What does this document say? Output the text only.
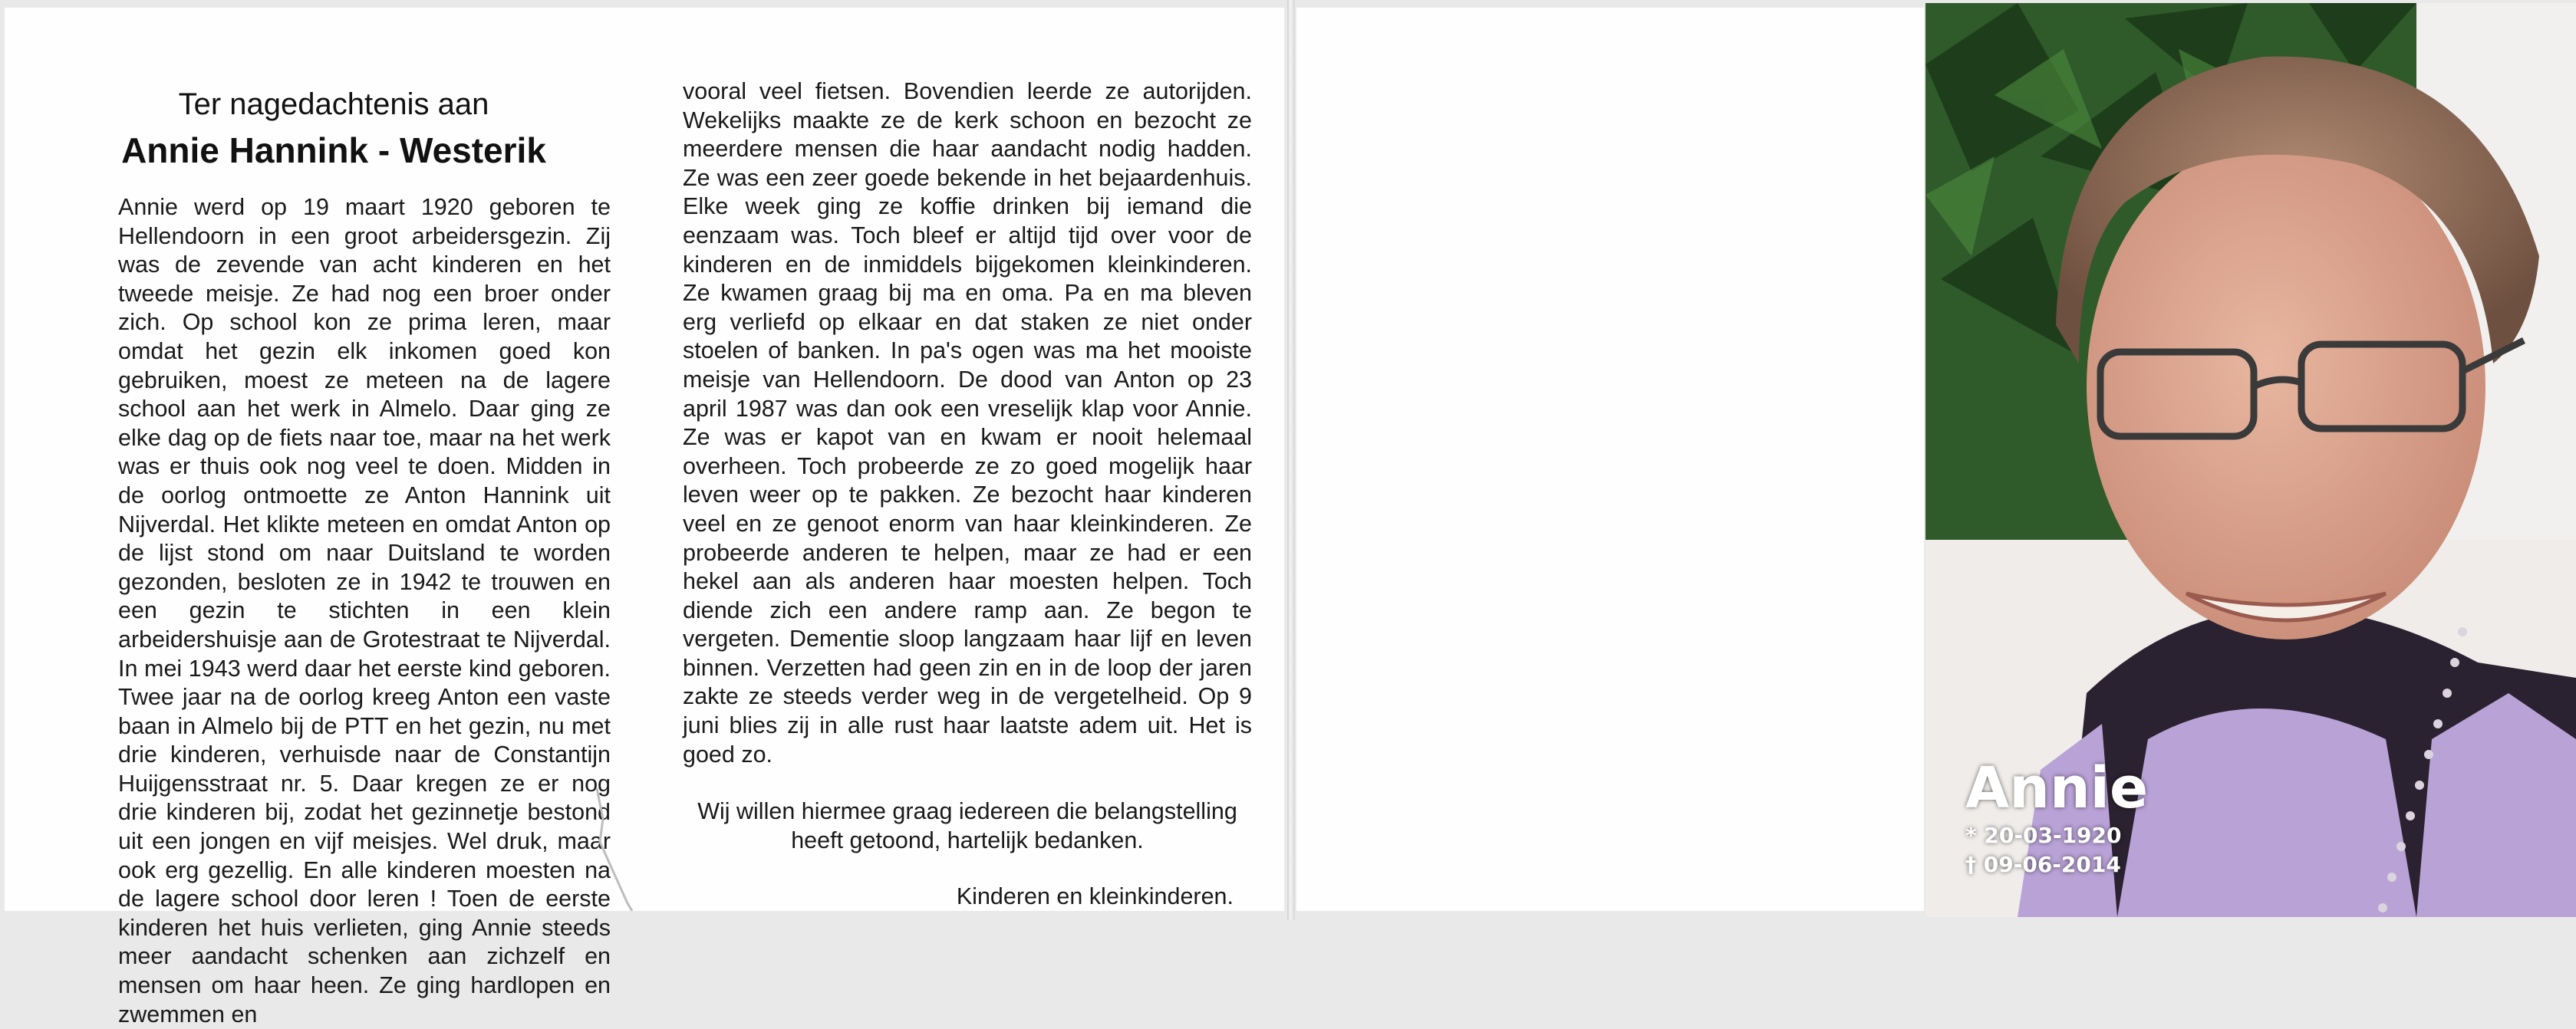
Ter nagedachtenis aan
Annie Hannink - Westerik
Annie werd op 19 maart 1920 geboren te Hellendoorn in een groot arbeidersgezin. Zij was de zevende van acht kinderen en het tweede meisje. Ze had nog een broer onder zich. Op school kon ze prima leren, maar omdat het gezin elk inkomen goed kon gebruiken, moest ze meteen na de lagere school aan het werk in Almelo. Daar ging ze elke dag op de fiets naar toe, maar na het werk was er thuis ook nog veel te doen. Midden in de oorlog ontmoette ze Anton Hannink uit Nijverdal. Het klikte meteen en omdat Anton op de lijst stond om naar Duitsland te worden gezonden, besloten ze in 1942 te trouwen en een gezin te stichten in een klein arbeidershuisje aan de Grotestraat te Nijverdal. In mei 1943 werd daar het eerste kind geboren. Twee jaar na de oorlog kreeg Anton een vaste baan in Almelo bij de PTT en het gezin, nu met drie kinderen, verhuisde naar de Constantijn Huijgensstraat nr. 5. Daar kregen ze er nog drie kinderen bij, zodat het gezinnetje bestond uit een jongen en vijf meisjes. Wel druk, maar ook erg gezellig. En alle kinderen moesten na de lagere school door leren ! Toen de eerste kinderen het huis verlieten, ging Annie steeds meer aandacht schenken aan zichzelf en mensen om haar heen. Ze ging hardlopen en zwemmen en
vooral veel fietsen. Bovendien leerde ze autorijden. Wekelijks maakte ze de kerk schoon en bezocht ze meerdere mensen die haar aandacht nodig hadden. Ze was een zeer goede bekende in het bejaardenhuis. Elke week ging ze koffie drinken bij iemand die eenzaam was. Toch bleef er altijd tijd over voor de kinderen en de inmiddels bijgekomen kleinkinderen. Ze kwamen graag bij ma en oma. Pa en ma bleven erg verliefd op elkaar en dat staken ze niet onder stoelen of banken. In pa's ogen was ma het mooiste meisje van Hellendoorn. De dood van Anton op 23 april 1987 was dan ook een vreselijk klap voor Annie. Ze was er kapot van en kwam er nooit helemaal overheen. Toch probeerde ze zo goed mogelijk haar leven weer op te pakken. Ze bezocht haar kinderen veel en ze genoot enorm van haar kleinkinderen. Ze probeerde anderen te helpen, maar ze had er een hekel aan als anderen haar moesten helpen. Toch diende zich een andere ramp aan. Ze begon te vergeten. Dementie sloop langzaam haar lijf en leven binnen. Verzetten had geen zin en in de loop der jaren zakte ze steeds verder weg in de vergetelheid. Op 9 juni blies zij in alle rust haar laatste adem uit. Het is goed zo.
Wij willen hiermee graag iedereen die belangstelling heeft getoond, hartelijk bedanken.
Kinderen en kleinkinderen.
Annie
* 20-03-1920
† 09-06-2014
